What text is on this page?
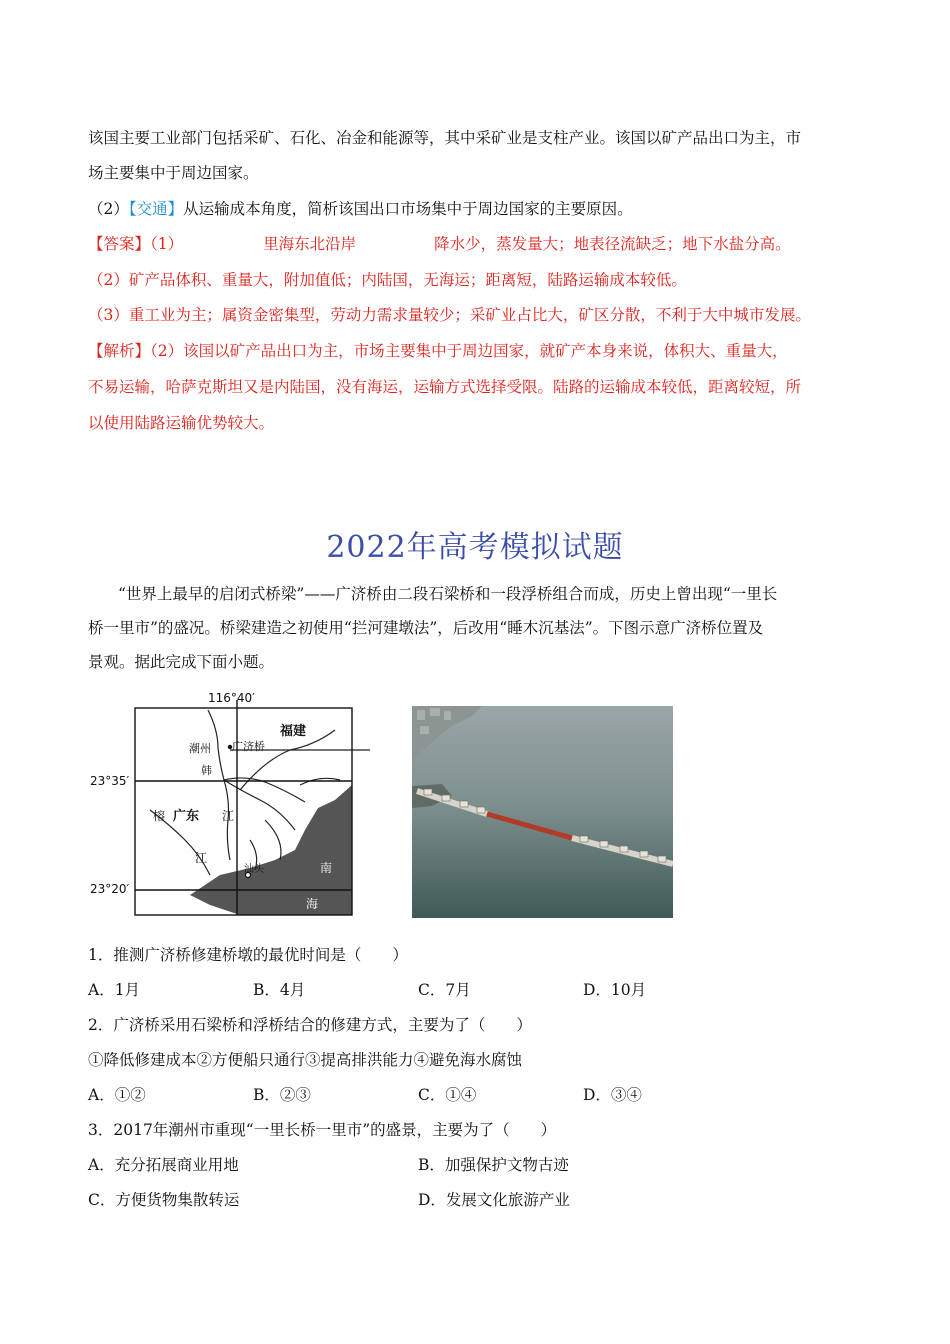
该国主要工业部门包括采矿、石化、冶金和能源等，其中采矿业是支柱产业。该国以矿产品出口为主，市
场主要集中于周边国家。
（2）【交通】从运输成本角度，简析该国出口市场集中于周边国家的主要原因。
【答案】（1）	里海东北沿岸	降水少，蒸发量大；地表径流缺乏；地下水盐分高。
（2）矿产品体积、重量大，附加值低；内陆国，无海运；距离短，陆路运输成本较低。
（3）重工业为主；属资金密集型，劳动力需求量较少；采矿业占比大，矿区分散，不利于大中城市发展。
【解析】（2）该国以矿产品出口为主，市场主要集中于周边国家，就矿产本身来说，体积大、重量大，
不易运输，哈萨克斯坦又是内陆国，没有海运，运输方式选择受限。陆路的运输成本较低，距离较短，所
以使用陆路运输优势较大。
2022年高考模拟试题
“世界上最早的启闭式桥梁”——广济桥由二段石梁桥和一段浮桥组合而成，历史上曾出现“一里长
桥一里市”的盛况。桥梁建造之初使用“拦河建墩法”，后改用“睡木沉基法”。下图示意广济桥位置及
景观。据此完成下面小题。
116°40′
23°35′
23°20′
福建
潮州 广济桥
韩
江
榕 广东
江
汕头	南
海
1．推测广济桥修建桥墩的最优时间是（　　）
A．1月	B．4月	C．7月	D．10月
2．广济桥采用石梁桥和浮桥结合的修建方式，主要为了（　　）
①降低修建成本②方便船只通行③提高排洪能力④避免海水腐蚀
A．①②	B．②③	C．①④	D．③④
3．2017年潮州市重现“一里长桥一里市”的盛景，主要为了（　　）
A．充分拓展商业用地	B．加强保护文物古迹
C．方便货物集散转运	D．发展文化旅游产业
